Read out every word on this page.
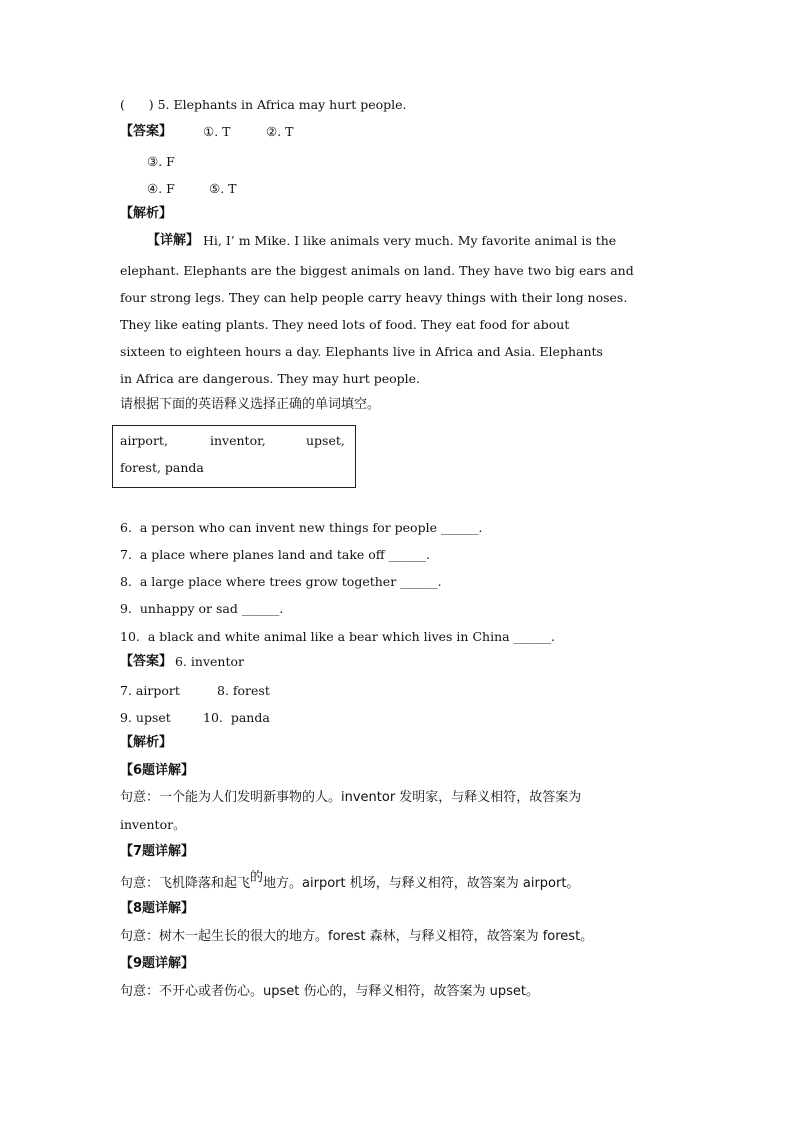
(      ) 5. Elephants in Africa may hurt people.
【答案】 ①. T	②. T
③. F
④. F	⑤. T
【解析】
【详解】 Hi, I’ m Mike. I like animals very much. My favorite animal is the
elephant. Elephants are the biggest animals on land. They have two big ears and
four strong legs. They can help people carry heavy things with their long noses.
They like eating plants. They need lots of food. They eat food for about
sixteen to eighteen hours a day. Elephants live in Africa and Asia. Elephants
in Africa are dangerous. They may hurt people.
请根据下面的英语释义选择正确的单词填空。
airport,	inventor,	upset,
forest, panda
6.  a person who can invent new things for people ______.
7.  a place where planes land and take off ______.
8.  a large place where trees grow together ______.
9.  unhappy or sad ______.
10.  a black and white animal like a bear which lives in China ______.
【答案】 6. inventor
7. airport	8. forest
9. upset	10.  panda
【解析】
【6题详解】
句意：一个能为人们发明新事物的人。inventor 发明家，与释义相符，故答案为
inventor。
【7题详解】
句意：飞机降落和起飞的地方。airport 机场，与释义相符，故答案为 airport。
【8题详解】
句意：树木一起生长的很大的地方。forest 森林，与释义相符，故答案为 forest。
【9题详解】
句意：不开心或者伤心。upset 伤心的，与释义相符，故答案为 upset。
